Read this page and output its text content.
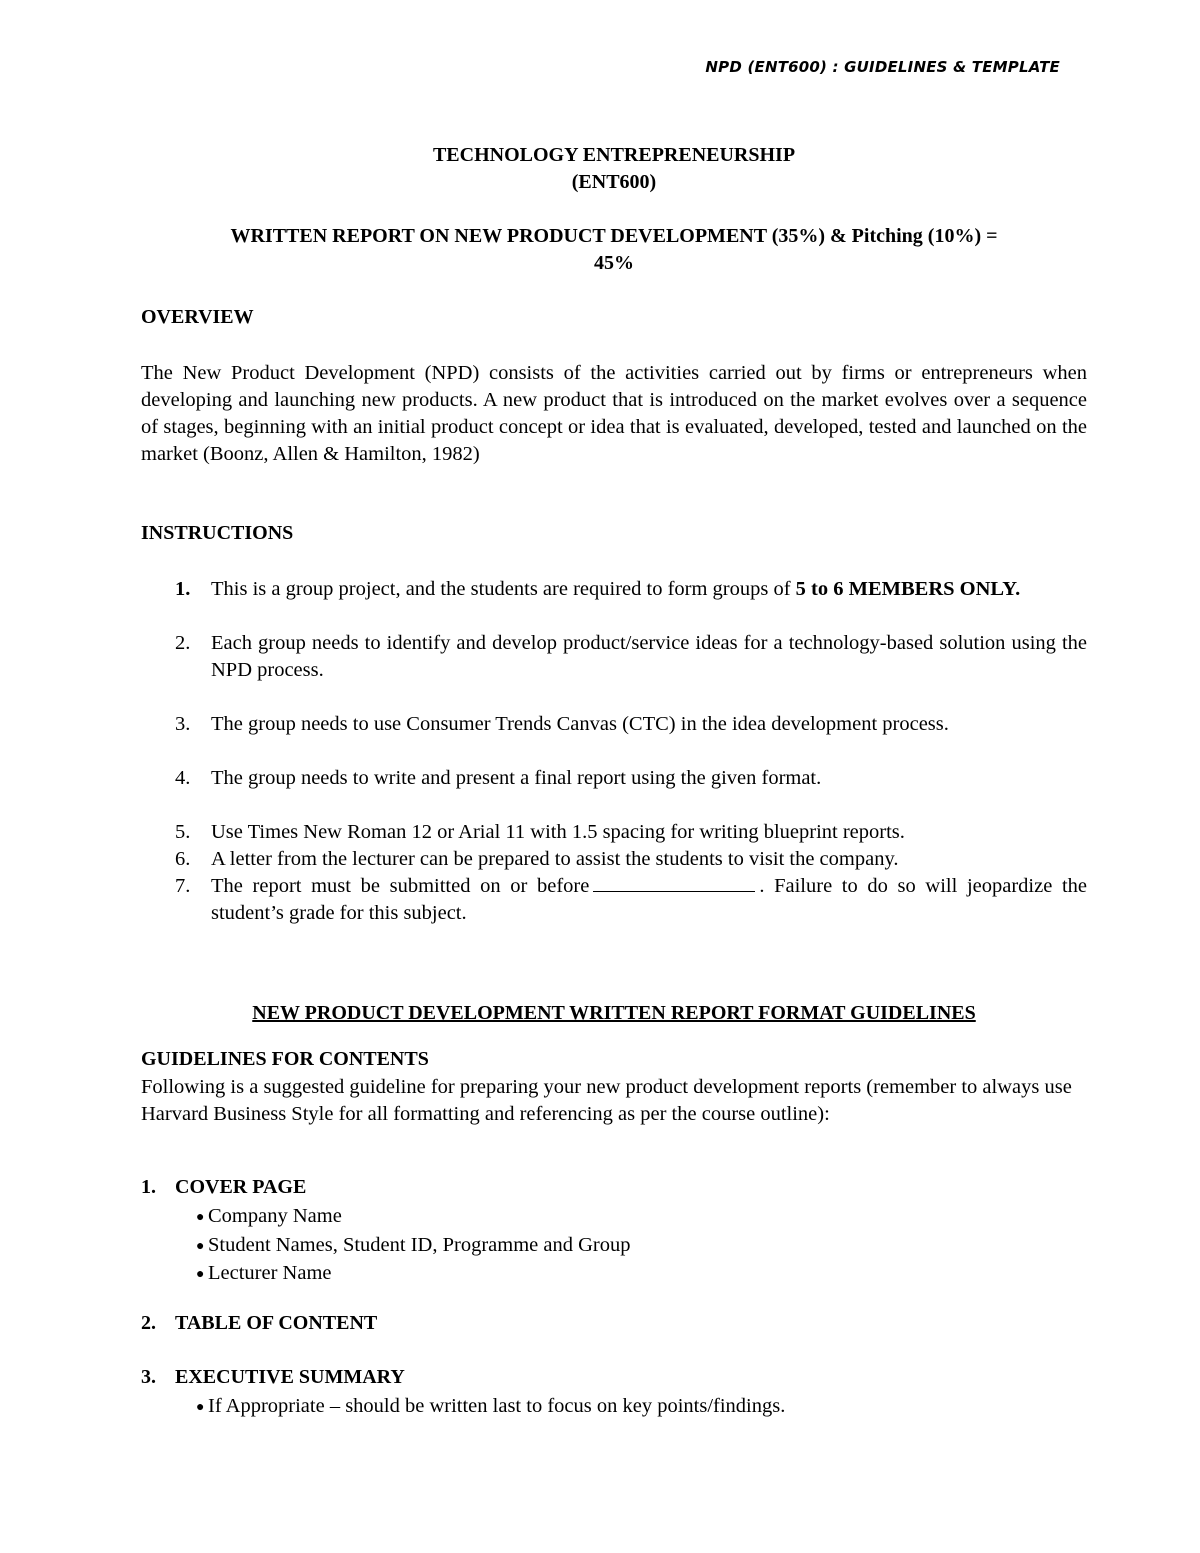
NPD (ENT600) : GUIDELINES & TEMPLATE
TECHNOLOGY ENTREPRENEURSHIP
(ENT600)
WRITTEN REPORT ON NEW PRODUCT DEVELOPMENT (35%) & Pitching (10%) =
45%
OVERVIEW
The New Product Development (NPD) consists of the activities carried out by firms or entrepreneurs when developing and launching new products. A new product that is introduced on the market evolves over a sequence of stages, beginning with an initial product concept or idea that is evaluated, developed, tested and launched on the market (Boonz, Allen & Hamilton, 1982)
INSTRUCTIONS
1. This is a group project, and the students are required to form groups of 5 to 6 MEMBERS ONLY.
2. Each group needs to identify and develop product/service ideas for a technology-based solution using the NPD process.
3. The group needs to use Consumer Trends Canvas (CTC) in the idea development process.
4. The group needs to write and present a final report using the given format.
5. Use Times New Roman 12 or Arial 11 with 1.5 spacing for writing blueprint reports.
6. A letter from the lecturer can be prepared to assist the students to visit the company.
7. The report must be submitted on or before	. Failure to do so will jeopardize the student’s grade for this subject.
NEW PRODUCT DEVELOPMENT WRITTEN REPORT FORMAT GUIDELINES
GUIDELINES FOR CONTENTS
Following is a suggested guideline for preparing your new product development reports (remember to always use Harvard Business Style for all formatting and referencing as per the course outline):
1. COVER PAGE
● Company Name
● Student Names, Student ID, Programme and Group
● Lecturer Name
2. TABLE OF CONTENT
3. EXECUTIVE SUMMARY
● If Appropriate – should be written last to focus on key points/findings.
